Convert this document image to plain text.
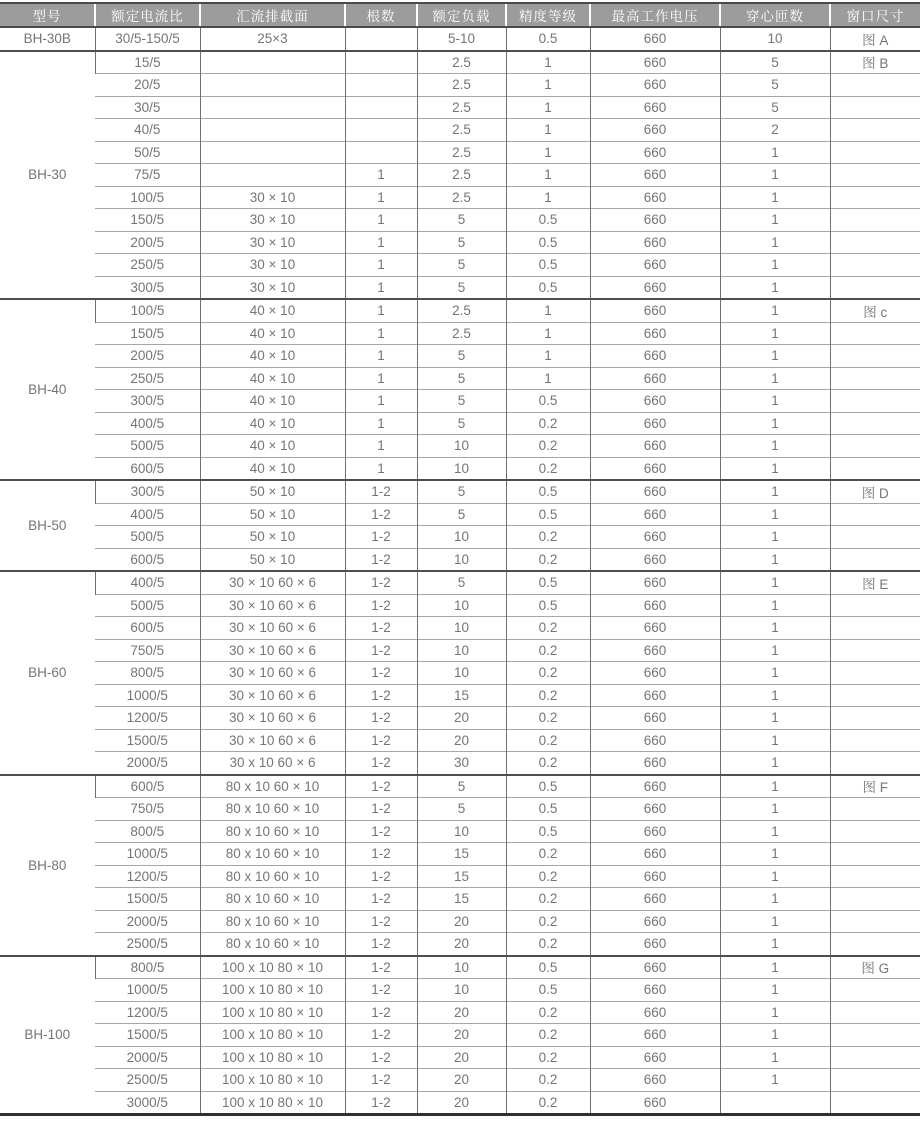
型号	额定电流比	汇流排截面	根数	额定负载	精度等级	最高工作电压	穿心匝数	窗口尺寸
BH-30B	30/5-150/5	25×3		5-10	0.5	660	10	图 A
BH-30	15/5			2.5	1	660	5	图 B
	20/5			2.5	1	660	5	
	30/5			2.5	1	660	5	
	40/5			2.5	1	660	2	
	50/5			2.5	1	660	1	
	75/5		1	2.5	1	660	1	
	100/5	30 × 10	1	2.5	1	660	1	
	150/5	30 × 10	1	5	0.5	660	1	
	200/5	30 × 10	1	5	0.5	660	1	
	250/5	30 × 10	1	5	0.5	660	1	
	300/5	30 × 10	1	5	0.5	660	1	
BH-40	100/5	40 × 10	1	2.5	1	660	1	图 c
	150/5	40 × 10	1	2.5	1	660	1	
	200/5	40 × 10	1	5	1	660	1	
	250/5	40 × 10	1	5	1	660	1	
	300/5	40 × 10	1	5	0.5	660	1	
	400/5	40 × 10	1	5	0.2	660	1	
	500/5	40 × 10	1	10	0.2	660	1	
	600/5	40 × 10	1	10	0.2	660	1	
BH-50	300/5	50 × 10	1-2	5	0.5	660	1	图 D
	400/5	50 × 10	1-2	5	0.5	660	1	
	500/5	50 × 10	1-2	10	0.2	660	1	
	600/5	50 × 10	1-2	10	0.2	660	1	
BH-60	400/5	30 × 10 60 × 6	1-2	5	0.5	660	1	图 E
	500/5	30 × 10 60 × 6	1-2	10	0.5	660	1	
	600/5	30 × 10 60 × 6	1-2	10	0.2	660	1	
	750/5	30 × 10 60 × 6	1-2	10	0.2	660	1	
	800/5	30 × 10 60 × 6	1-2	10	0.2	660	1	
	1000/5	30 × 10 60 × 6	1-2	15	0.2	660	1	
	1200/5	30 × 10 60 × 6	1-2	20	0.2	660	1	
	1500/5	30 × 10 60 × 6	1-2	20	0.2	660	1	
	2000/5	30 x 10 60 × 6	1-2	30	0.2	660	1	
BH-80	600/5	80 x 10 60 × 10	1-2	5	0.5	660	1	图 F
	750/5	80 x 10 60 × 10	1-2	5	0.5	660	1	
	800/5	80 x 10 60 × 10	1-2	10	0.5	660	1	
	1000/5	80 x 10 60 × 10	1-2	15	0.2	660	1	
	1200/5	80 x 10 60 × 10	1-2	15	0.2	660	1	
	1500/5	80 x 10 60 × 10	1-2	15	0.2	660	1	
	2000/5	80 x 10 60 × 10	1-2	20	0.2	660	1	
	2500/5	80 x 10 60 × 10	1-2	20	0.2	660	1	
BH-100	800/5	100 x 10 80 × 10	1-2	10	0.5	660	1	图 G
	1000/5	100 x 10 80 × 10	1-2	10	0.5	660	1	
	1200/5	100 x 10 80 × 10	1-2	20	0.2	660	1	
	1500/5	100 x 10 80 × 10	1-2	20	0.2	660	1	
	2000/5	100 x 10 80 × 10	1-2	20	0.2	660	1	
	2500/5	100 x 10 80 × 10	1-2	20	0.2	660	1	
	3000/5	100 x 10 80 × 10	1-2	20	0.2	660		
